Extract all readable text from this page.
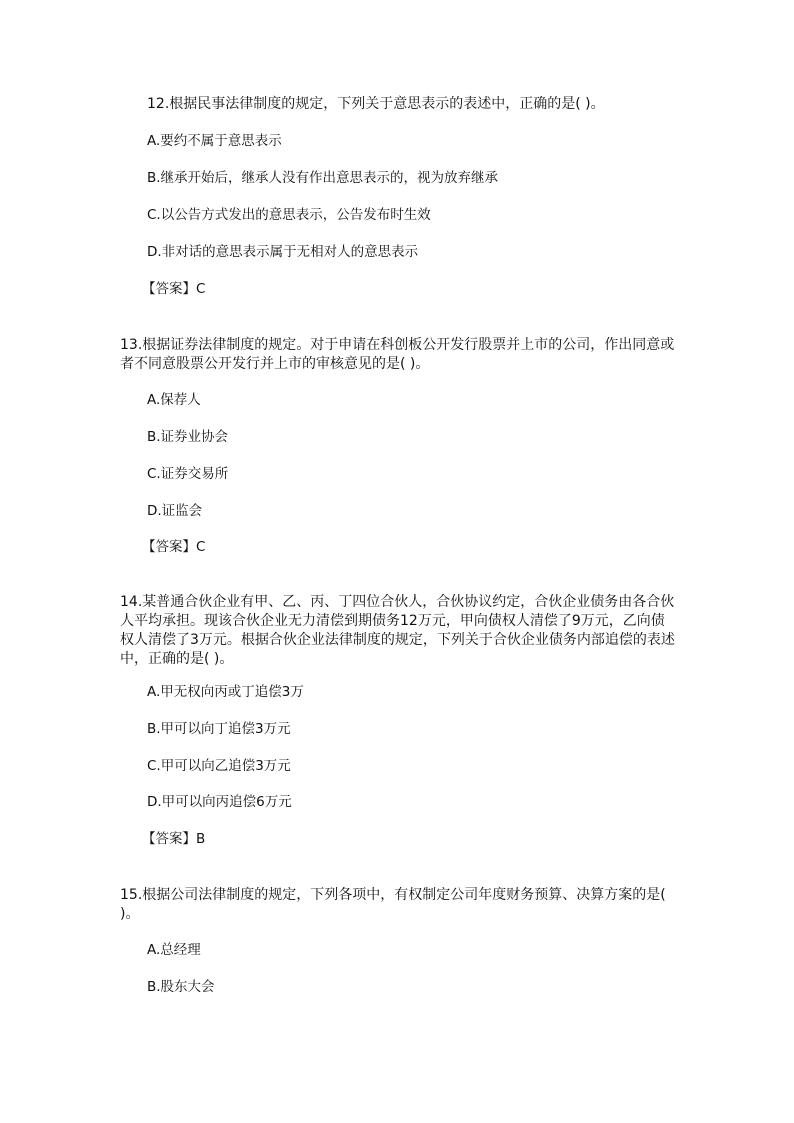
12.根据民事法律制度的规定，下列关于意思表示的表述中，正确的是( )。

A.要约不属于意思表示

B.继承开始后，继承人没有作出意思表示的，视为放弃继承

C.以公告方式发出的意思表示，公告发布时生效

D.非对话的意思表示属于无相对人的意思表示

【答案】C

13.根据证券法律制度的规定。对于申请在科创板公开发行股票并上市的公司，作出同意或者不同意股票公开发行并上市的审核意见的是( )。

A.保荐人

B.证券业协会

C.证券交易所

D.证监会

【答案】C

14.某普通合伙企业有甲、乙、丙、丁四位合伙人，合伙协议约定，合伙企业债务由各合伙人平均承担。现该合伙企业无力清偿到期债务12万元，甲向债权人清偿了9万元，乙向债权人清偿了3万元。根据合伙企业法律制度的规定，下列关于合伙企业债务内部追偿的表述中，正确的是( )。

A.甲无权向丙或丁追偿3万

B.甲可以向丁追偿3万元

C.甲可以向乙追偿3万元

D.甲可以向丙追偿6万元

【答案】B

15.根据公司法律制度的规定，下列各项中，有权制定公司年度财务预算、决算方案的是( )。

A.总经理

B.股东大会
